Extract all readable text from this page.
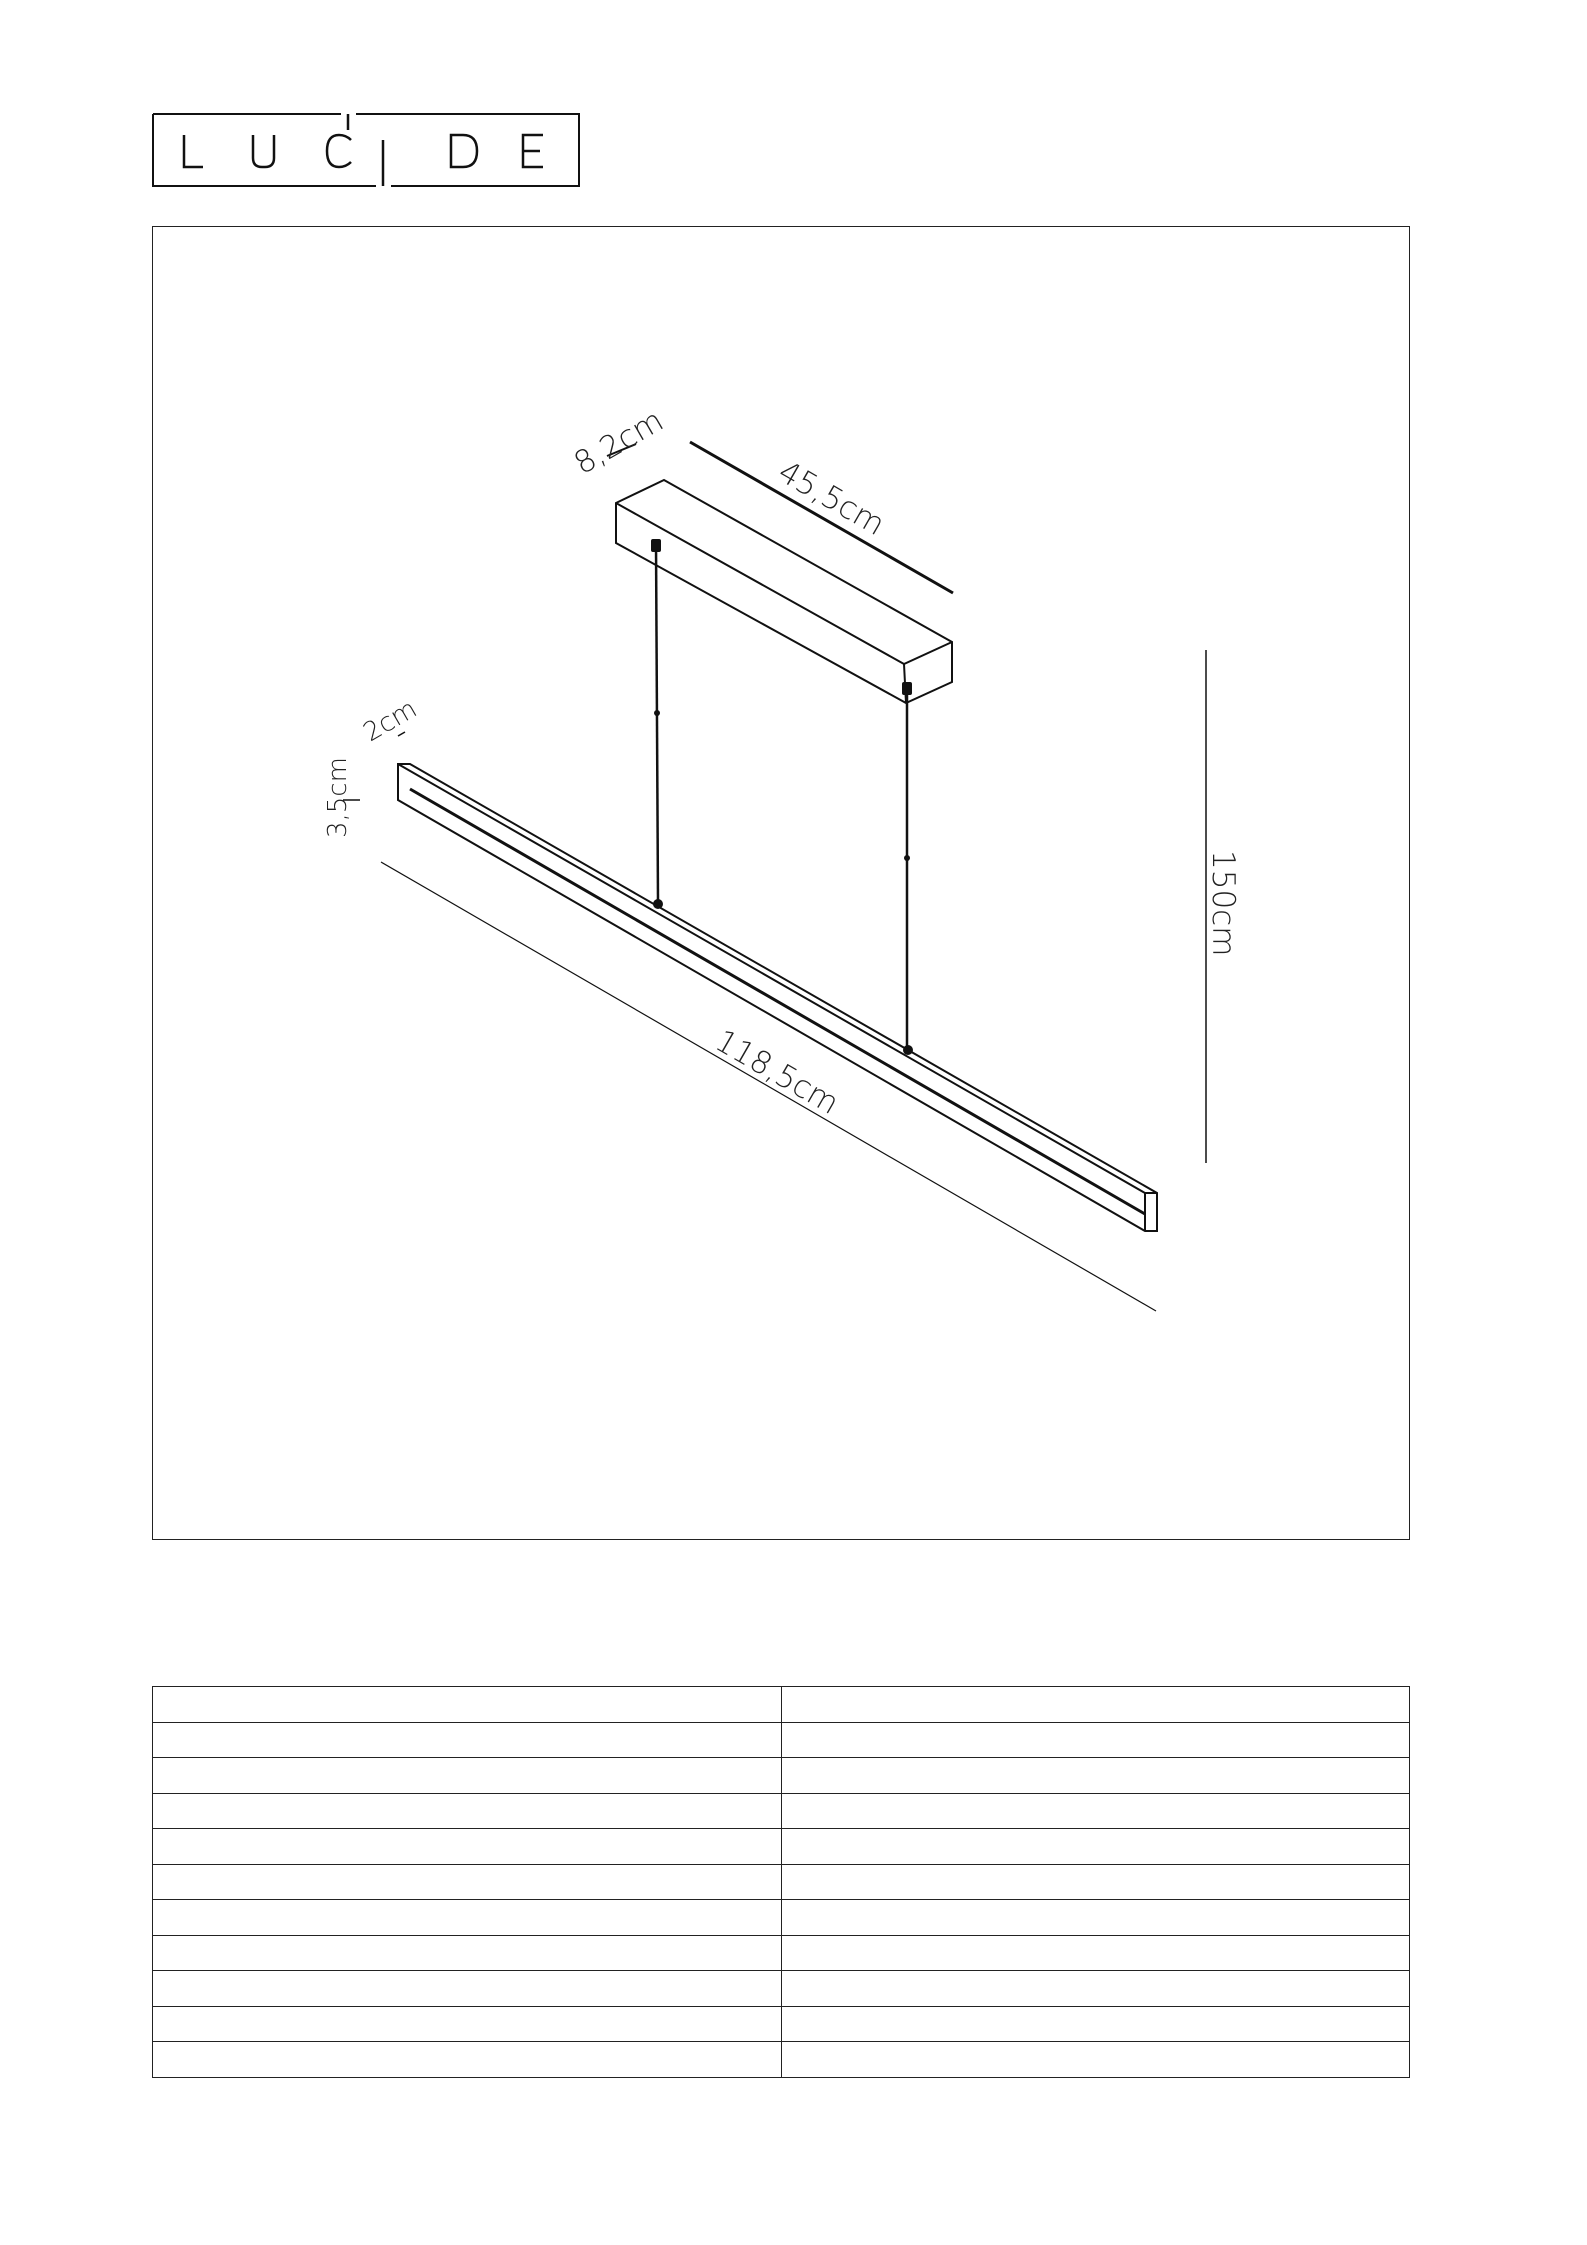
8,2cm
45,5cm
150cm
2cm
3,5cm
118,5cm
